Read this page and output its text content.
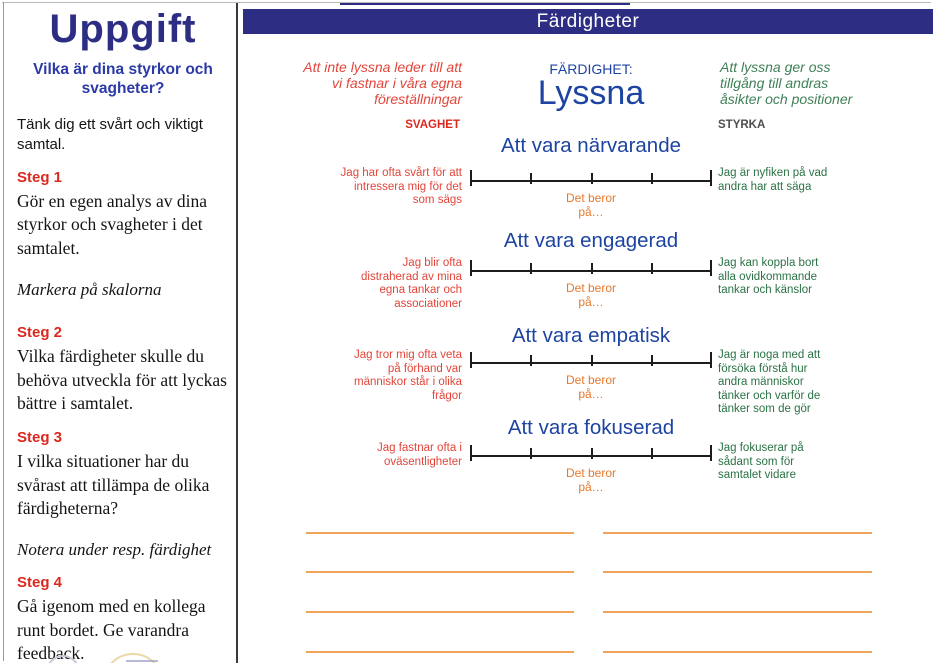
Uppgift
Vilka är dina styrkor och svagheter?

Tänk dig ett svårt och viktigt samtal.

Steg 1

Gör en egen analys av dina styrkor och svagheter i det samtalet.

Markera på skalorna

Steg 2

Vilka färdigheter skulle du behöva utveckla för att lyckas bättre i samtalet.

Steg 3

I vilka situationer har du svårast att tillämpa de olika färdigheterna?

Notera under resp. färdighet

Steg 4

Gå igenom med en kollega runt bordet. Ge varandra feedback.

Färdigheter
Att inte lyssna leder till att vi fastnar i våra egna föreställningar
FÄRDIGHET:
Lyssna
Att lyssna ger oss tillgång till andras åsikter och positioner
SVAGHET	STYRKA
Att vara närvarande
Jag har ofta svårt för att intressera mig för det som sägs
Jag är nyfiken på vad andra har att säga
Det beror på…
Att vara engagerad
Jag blir ofta distraherad av mina egna tankar och associationer
Jag kan koppla bort alla ovidkommande tankar och känslor
Det beror på…
Att vara empatisk
Jag tror mig ofta veta på förhand var människor står i olika frågor
Jag är noga med att försöka förstå hur andra människor tänker och varför de tänker som de gör
Det beror på…
Att vara fokuserad
Jag fastnar ofta i oväsentligheter
Jag fokuserar på sådant som för samtalet vidare
Det beror på…
